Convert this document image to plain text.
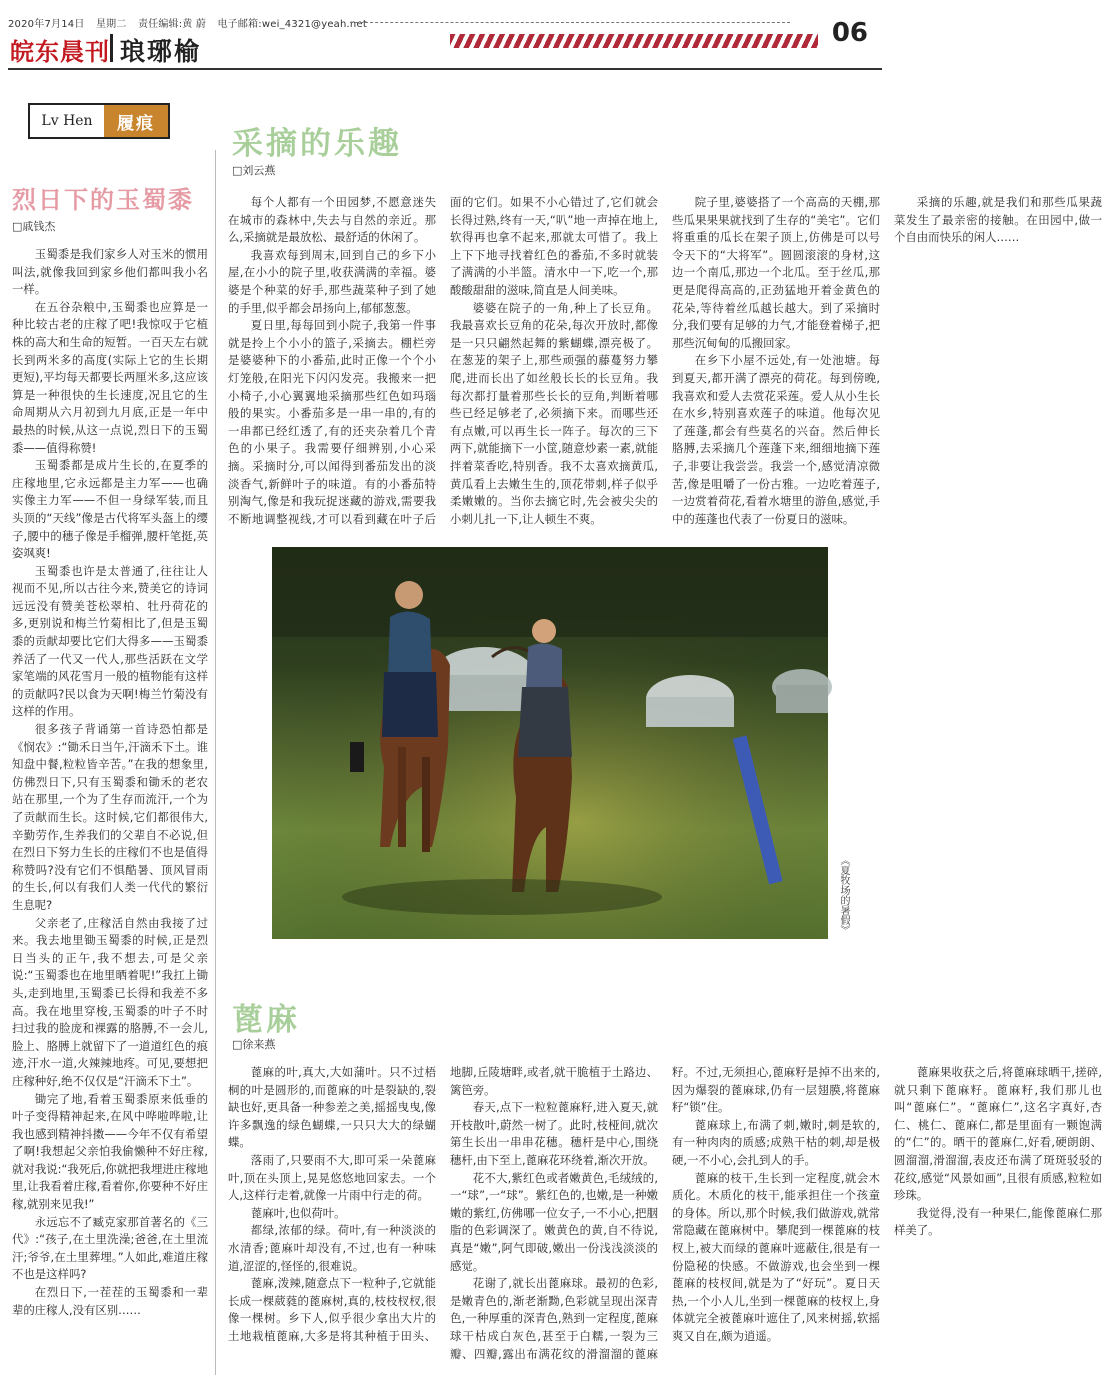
2020年7月14日 星期二 责任编辑:黄 蔚 电子邮箱:wei_4321@yeah.net	06
皖东晨刊 琅琊榆
Lv Hen	履痕
烈日下的玉蜀黍
□戚钱杰

玉蜀黍是我们家乡人对玉米的惯用叫法,就像我回到家乡他们都叫我小名一样。

在五谷杂粮中,玉蜀黍也应算是一种比较古老的庄稼了吧!我惊叹于它植株的高大和生命的短暂。一百天左右就长到两米多的高度(实际上它的生长期更短),平均每天都要长两厘米多,这应该算是一种很快的生长速度,况且它的生命周期从六月初到九月底,正是一年中最热的时候,从这一点说,烈日下的玉蜀黍——值得称赞!

玉蜀黍都是成片生长的,在夏季的庄稼地里,它永远都是主力军——也确实像主力军——不但一身绿军装,而且头顶的“天线”像是古代将军头盔上的缨子,腰中的穗子像是手榴弹,腰杆笔挺,英姿飒爽!

玉蜀黍也许是太普通了,往往让人视而不见,所以古往今来,赞美它的诗词远远没有赞美苍松翠柏、牡丹荷花的多,更别说和梅兰竹菊相比了,但是玉蜀黍的贡献却要比它们大得多——玉蜀黍养活了一代又一代人,那些活跃在文学家笔端的风花雪月一般的植物能有这样的贡献吗?民以食为天啊!梅兰竹菊没有这样的作用。

很多孩子背诵第一首诗恐怕都是《悯农》:“锄禾日当午,汗滴禾下土。谁知盘中餐,粒粒皆辛苦。”在我的想象里,仿佛烈日下,只有玉蜀黍和锄禾的老农站在那里,一个为了生存而流汗,一个为了贡献而生长。这时候,它们都很伟大,辛勤劳作,生养我们的父辈自不必说,但在烈日下努力生长的庄稼们不也是值得称赞吗?没有它们不惧酷暑、顶风冒雨的生长,何以有我们人类一代代的繁衍生息呢?

父亲老了,庄稼活自然由我接了过来。我去地里锄玉蜀黍的时候,正是烈日当头的正午,我不想去,可是父亲说:“玉蜀黍也在地里晒着呢!”我扛上锄头,走到地里,玉蜀黍已长得和我差不多高。我在地里穿梭,玉蜀黍的叶子不时扫过我的脸庞和裸露的胳膊,不一会儿,脸上、胳膊上就留下了一道道红色的痕迹,汗水一道,火辣辣地疼。可见,要想把庄稼种好,绝不仅仅是“汗滴禾下土”。

锄完了地,看着玉蜀黍原来低垂的叶子变得精神起来,在风中哗啦哗啦,让我也感到精神抖擞——今年不仅有希望了啊!我想起父亲怕我偷懒种不好庄稼,就对我说:“我死后,你就把我埋进庄稼地里,让我看着庄稼,看着你,你要种不好庄稼,就别来见我!”

永远忘不了臧克家那首著名的《三代》:“孩子,在土里洗澡;爸爸,在土里流汗;爷爷,在土里葬埋。”人如此,难道庄稼不也是这样吗?

在烈日下,一茬茬的玉蜀黍和一辈辈的庄稼人,没有区别……

采摘的乐趣
□刘云燕

每个人都有一个田园梦,不愿意迷失在城市的森林中,失去与自然的亲近。那么,采摘就是最放松、最舒适的休闲了。

我喜欢每到周末,回到自己的乡下小屋,在小小的院子里,收获满满的幸福。婆婆是个种菜的好手,那些蔬菜种子到了她的手里,似乎都会昂扬向上,郁郁葱葱。

夏日里,每每回到小院子,我第一件事就是拎上个小小的篮子,采摘去。棚栏旁是婆婆种下的小番茄,此时正像一个个小灯笼般,在阳光下闪闪发亮。我搬来一把小椅子,小心翼翼地采摘那些红色如玛瑙般的果实。小番茄多是一串一串的,有的一串都已经红透了,有的还夹杂着几个青色的小果子。我需要仔细辨别,小心采摘。采摘时分,可以闻得到番茄发出的淡淡香气,新鲜叶子的味道。有的小番茄特别淘气,像是和我玩捉迷藏的游戏,需要我不断地调整视线,才可以看到藏在叶子后面的它们。如果不小心错过了,它们就会长得过熟,终有一天,“叭”地一声掉在地上,软得再也拿不起来,那就太可惜了。我上上下下地寻找着红色的番茄,不多时就装了满满的小半篮。清水中一下,吃一个,那酸酸甜甜的滋味,简直是人间美味。

婆婆在院子的一角,种上了长豆角。我最喜欢长豆角的花朵,每次开放时,都像是一只只翩然起舞的紫蝴蝶,漂亮极了。在葱茏的架子上,那些顽强的藤蔓努力攀爬,进而长出了如丝般长长的长豆角。我每次都打量着那些长长的豆角,判断着哪些已经足够老了,必须摘下来。而哪些还有点嫩,可以再生长一阵子。每次的三下两下,就能摘下一小筐,随意炒素一素,就能拌着菜香吃,特别香。我不太喜欢摘黄瓜,黄瓜看上去嫩生生的,顶花带刺,样子似乎柔嫩嫩的。当你去摘它时,先会被尖尖的小刺儿扎一下,让人顿生不爽。

院子里,婆婆搭了一个高高的天棚,那些瓜果果果就找到了生存的“美宅”。它们将重重的瓜长在架子顶上,仿佛是可以号令天下的“大将军”。圆圆滚滚的身材,这边一个南瓜,那边一个北瓜。至于丝瓜,那更是爬得高高的,正劲猛地开着金黄色的花朵,等待着丝瓜越长越大。到了采摘时分,我们要有足够的力气,才能登着梯子,把那些沉甸甸的瓜搬回家。

在乡下小屋不远处,有一处池塘。每到夏天,都开满了漂亮的荷花。每到傍晚,我喜欢和爱人去赏花采莲。爱人从小生长在水乡,特别喜欢莲子的味道。他每次见了莲蓬,都会有些莫名的兴奋。然后伸长胳膊,去采摘几个莲蓬下来,细细地摘下莲子,非要让我尝尝。我尝一个,感觉清凉微苦,像是咀嚼了一份古雅。一边吃着莲子,一边赏着荷花,看着水塘里的游鱼,感觉,手中的莲蓬也代表了一份夏日的滋味。

采摘的乐趣,就是我们和那些瓜果蔬菜发生了最亲密的接触。在田园中,做一个自由而快乐的闲人……

《夏牧场的暑假》
蓖麻
□徐来燕

蓖麻的叶,真大,大如蒲叶。只不过梧桐的叶是圆形的,而蓖麻的叶是裂缺的,裂缺也好,更具备一种参差之美,摇摇曳曳,像许多飘逸的绿色蝴蝶,一只只大大的绿蝴蝶。

落雨了,只要雨不大,即可采一朵蓖麻叶,顶在头顶上,晃晃悠悠地回家去。一个人,这样行走着,就像一片雨中行走的荷。

蓖麻叶,也似荷叶。

都绿,浓郁的绿。荷叶,有一种淡淡的水清香;蓖麻叶却没有,不过,也有一种味道,涩涩的,怪怪的,很难说。

蓖麻,泼辣,随意点下一粒种子,它就能长成一棵葳蕤的蓖麻树,真的,枝枝杈杈,很像一棵树。乡下人,似乎很少拿出大片的土地栽植蓖麻,大多是将其种植于田头、地脚,丘陵塘畔,或者,就干脆植于土路边、篱笆旁。

春天,点下一粒粒蓖麻籽,进入夏天,就开枝散叶,蔚然一树了。此时,枝桠间,就次第生长出一串串花穗。穗杆是中心,围绕穗杆,由下至上,蓖麻花环绕着,渐次开放。

花不大,紫红色或者嫩黄色,毛绒绒的,一“球”,一“球”。紫红色的,也嫩,是一种嫩嫩的紫红,仿佛哪一位女子,一不小心,把胭脂的色彩调深了。嫩黄色的黄,自不待说,真是“嫩”,阿气即破,嫩出一份浅浅淡淡的感觉。

花谢了,就长出蓖麻球。最初的色彩,是嫩青色的,渐老渐黝,色彩就呈现出深青色,一种厚重的深青色,熟到一定程度,蓖麻球干枯成白灰色,甚至于白糯,一裂为三瓣、四瓣,露出布满花纹的滑溜溜的蓖麻籽。不过,无须担心,蓖麻籽是掉不出来的,因为爆裂的蓖麻球,仍有一层翅膜,将蓖麻籽“锁”住。

蓖麻球上,布满了刺,嫩时,刺是软的,有一种肉肉的质感;成熟干枯的刺,却是极硬,一不小心,会扎到人的手。

蓖麻的枝干,生长到一定程度,就会木质化。木质化的枝干,能承担住一个孩童的身体。所以,那个时候,我们做游戏,就常常隐藏在蓖麻树中。攀爬到一棵蓖麻的枝杈上,被大而绿的蓖麻叶遮蔽住,很是有一份隐秘的快感。不做游戏,也会坐到一棵蓖麻的枝杈间,就是为了“好玩”。夏日天热,一个小人儿,坐到一棵蓖麻的枝杈上,身体就完全被蓖麻叶遮住了,风来树摇,软摇爽又自在,颇为逍遥。

蓖麻果收获之后,将蓖麻球晒干,搓碎,就只剩下蓖麻籽。蓖麻籽,我们那儿也叫“蓖麻仁”。“蓖麻仁”,这名字真好,杏仁、桃仁、蓖麻仁,都是里面有一颗饱满的“仁”的。晒干的蓖麻仁,好看,硬朗朗、圆溜溜,滑溜溜,表皮还布满了斑斑驳驳的花纹,感觉“风景如画”,且很有质感,粒粒如珍珠。

我觉得,没有一种果仁,能像蓖麻仁那样美了。
